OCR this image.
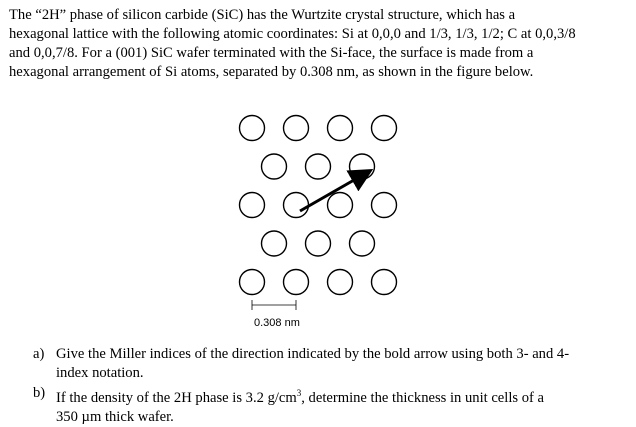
The “2H” phase of silicon carbide (SiC) has the Wurtzite crystal structure, which has a
hexagonal lattice with the following atomic coordinates: Si at 0,0,0 and 1/3, 1/3, 1/2; C at 0,0,3/8
and 0,0,7/8. For a (001) SiC wafer terminated with the Si-face, the surface is made from a
hexagonal arrangement of Si atoms, separated by 0.308 nm, as shown in the figure below.
0.308 nm
a) Give the Miller indices of the direction indicated by the bold arrow using both 3- and 4-
index notation.
b) If the density of the 2H phase is 3.2 $g/cm^3$, determine the thickness in unit cells of a
350 µm thick wafer.
